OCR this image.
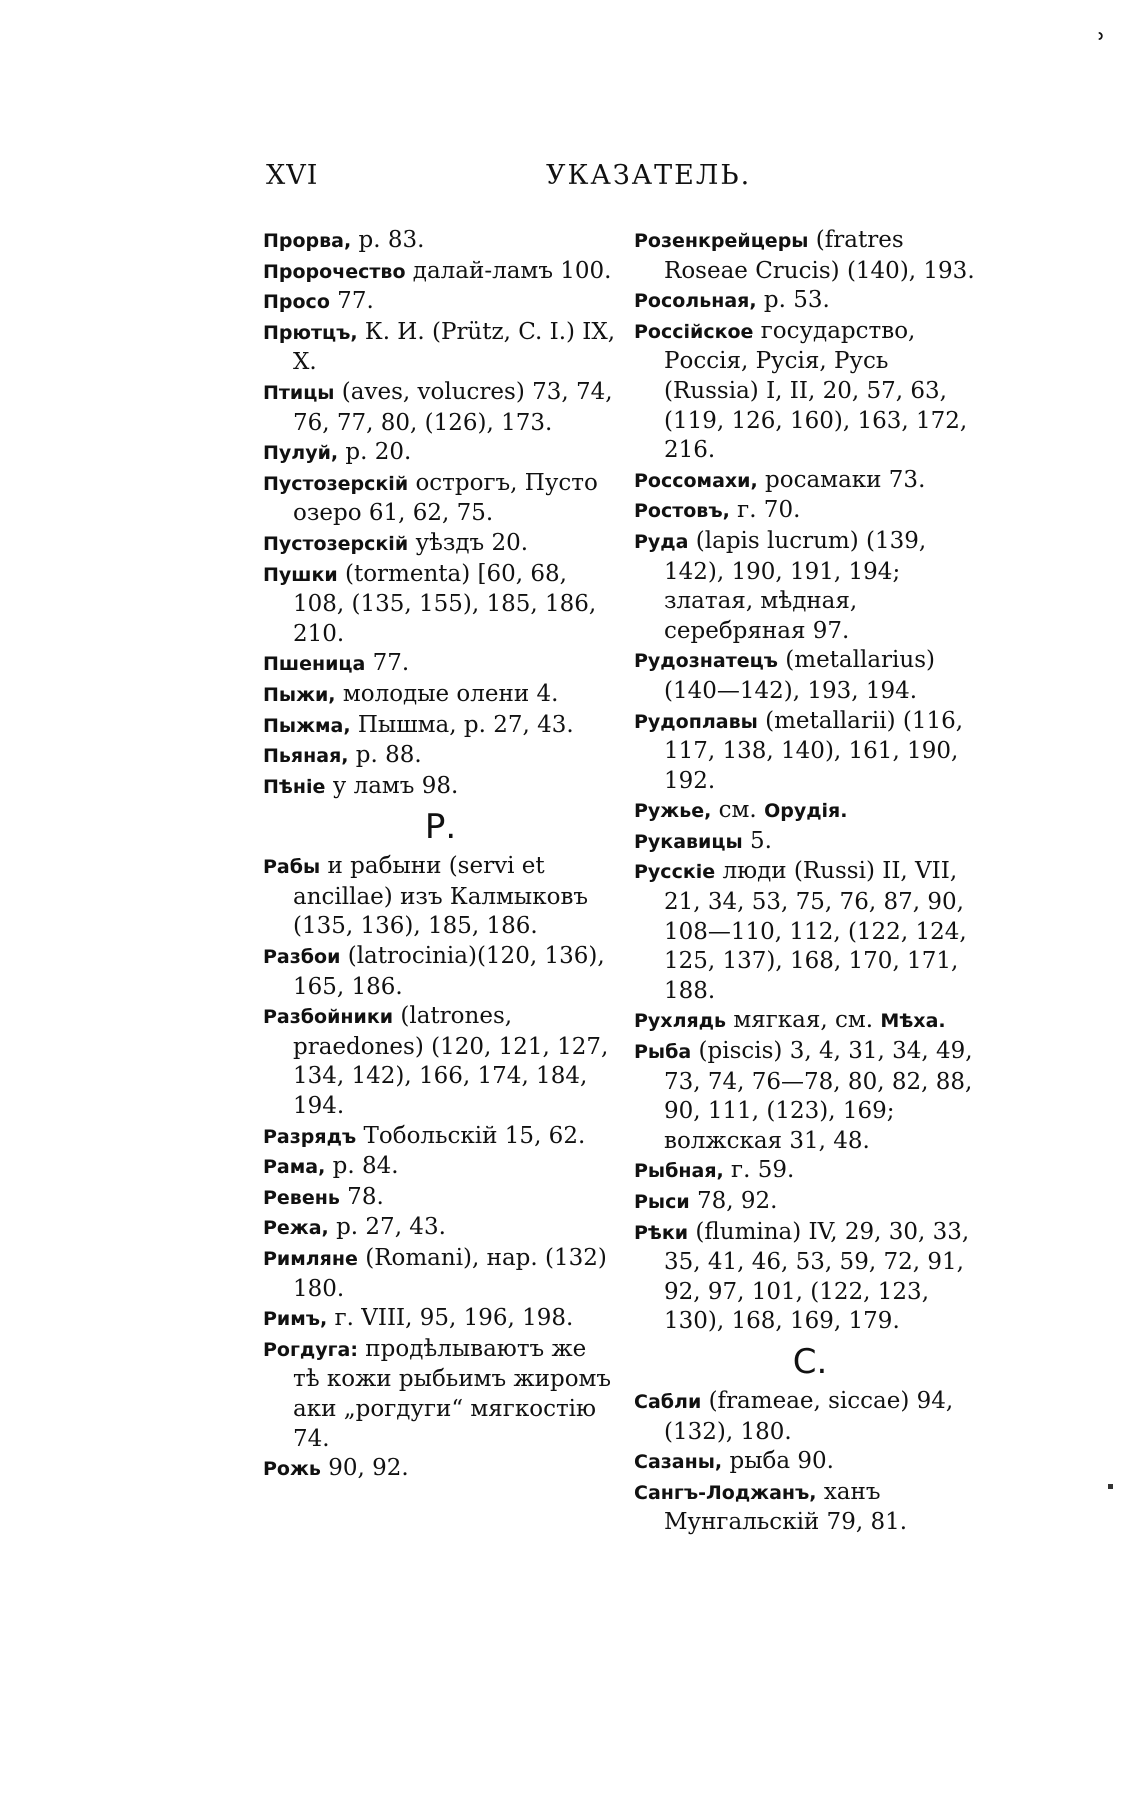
ʾ
XVI	УКАЗАТЕЛЬ.

Прорва, р. 83.

Пророчество далай-ламъ 100.

Просо 77.

Прютцъ, К. И. (Prütz, C. I.) IX, X.

Птицы (aves, volucres) 73, 74, 76, 77, 80, (126), 173.

Пулуй, р. 20.

Пустозерскій острогъ, Пусто озеро 61, 62, 75.

Пустозерскій уѣздъ 20.

Пушки (tormenta) [60, 68, 108, (135, 155), 185, 186, 210.

Пшеница 77.

Пыжи, молодые олени 4.

Пыжма, Пышма, р. 27, 43.

Пьяная, р. 88.

Пѣніе у ламъ 98.

Р.

Рабы и рабыни (servi et ancillae) изъ Калмыковъ (135, 136), 185, 186.

Разбои (latrocinia)(120, 136), 165, 186.

Разбойники (latrones, praedones) (120, 121, 127, 134, 142), 166, 174, 184, 194.

Разрядъ Тобольскій 15, 62.

Рама, р. 84.

Ревень 78.

Режа, р. 27, 43.

Римляне (Romani), нар. (132) 180.

Римъ, г. VIII, 95, 196, 198.

Рогдуга: продѣлываютъ же тѣ кожи рыбьимъ жиромъ аки „рогдуги“ мягкостію 74.

Рожь 90, 92.

Розенкрейцеры (fratres Roseae Crucis) (140), 193.

Росольная, р. 53.

Россійское государство, Россія, Русія, Русь (Russia) I, II, 20, 57, 63, (119, 126, 160), 163, 172, 216.

Россомахи, росамаки 73.

Ростовъ, г. 70.

Руда (lapis lucrum) (139, 142), 190, 191, 194; златая, мѣдная, серебряная 97.

Рудознатецъ (metallarius) (140—142), 193, 194.

Рудоплавы (metallarii) (116, 117, 138, 140), 161, 190, 192.

Ружье, см. Орудія.

Рукавицы 5.

Русскіе люди (Russi) II, VII, 21, 34, 53, 75, 76, 87, 90, 108—110, 112, (122, 124, 125, 137), 168, 170, 171, 188.

Рухлядь мягкая, см. Мѣха.

Рыба (piscis) 3, 4, 31, 34, 49, 73, 74, 76—78, 80, 82, 88, 90, 111, (123), 169; волжская 31, 48.

Рыбная, г. 59.

Рыси 78, 92.

Рѣки (flumina) IV, 29, 30, 33, 35, 41, 46, 53, 59, 72, 91, 92, 97, 101, (122, 123, 130), 168, 169, 179.

С.

Сабли (frameae, siccae) 94, (132), 180.

Сазаны, рыба 90.

Сангъ-Лоджанъ, ханъ Мунгальскій 79, 81.
